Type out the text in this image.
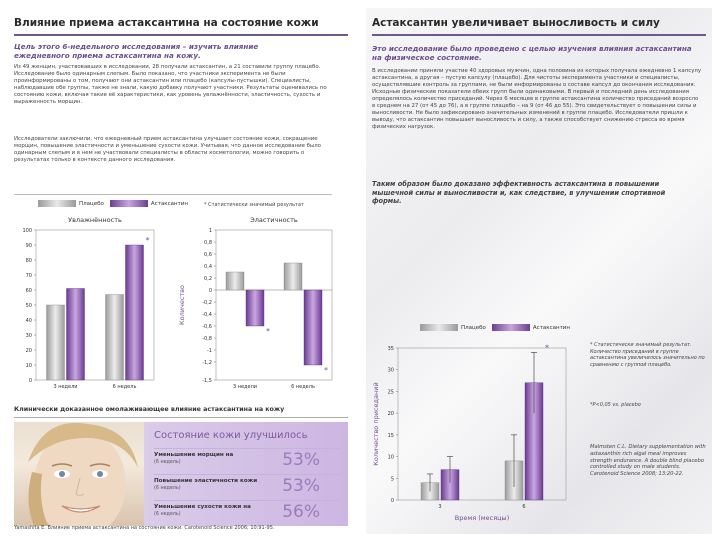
Влияние приема астаксантина на состояние кожи
Цель этого 6-недельного исследования – изучить влияние ежедневного приема астаксантина на кожу.
Из 49 женщин, участвовавших в исследовании, 28 получали астаксантин, а 21 составили группу плацебо. Исследование было одинарным слепым. Было показано, что участники эксперимента не были проинформированы о том, получают они астаксантин или плацебо (капсулы-пустышки). Специалисты, наблюдавшие обе группы, также не знали, какую добавку получают участники. Результаты оценивались по состоянию кожи, включая такие её характеристики, как уровень увлажнённости, эластичность, сухость и выраженность морщин.
Исследователи заключили, что ежедневный прием астаксантина улучшает состояние кожи, сокращение морщин, повышение эластичности и уменьшение сухости кожи. Учитывая, что данное исследование было одинарным слепым и в нем не участвовали специалисты в области косметологии, можно говорить о результатах только в контексте данного исследования.
Плацебо	Астаксантин	* Статистически значимый результат
Увлажнённость
0
10
20
30
40
50
60
70
80
90
100
3 недели	6 недель
*
Эластичность
1
0,8
0,6
0,4
0,2
0
-0,2
-0,4
-0,6
-0,8
-1
-1,2
-1,5
Количество
3 недели
*
6 недель
*
Клинически доказанное омолаживающее влияние астаксантина на кожу
Состояние кожи улучшилось
Уменьшение морщин на
(6 недель)	53%
Повышение эластичности кожи
(6 недель)	53%
Уменьшение сухости кожи на
(6 недель)	56%
Yamashita E. Влияние приема астаксантина на состояние кожи. Carotenoid Science 2006; 10:91-95.
Астаксантин увеличивает выносливость и силу
Это исследование было проведено с целью изучения влияния астаксантина на физическое состояние.
В исследовании приняли участие 40 здоровых мужчин, одна половина из которых получала ежедневно 1 капсулу астаксантина, а другая – пустую капсулу (плацебо). Для чистоты эксперимента участники и специалисты, осуществлявшие контроль за группами, не были информированы о составе капсул до окончания исследования. Исходные физические показатели обеих групп были одинаковыми. В первый и последний день исследования определялось количество приседаний. Через 6 месяцев в группе астаксантина количество приседаний возросло в среднем на 27 (от 45 до 76), а в группе плацебо – на 9 (от 46 до 55). Это свидетельствует о повышении силы и выносливости. Не было зафиксировано значительных изменений в группе плацебо. Исследователи пришли к выводу, что астаксантин повышает выносливость и силу, а также способствует снижению стресса во время физических нагрузок.
Таким образом было доказано эффективность астаксантина в повышении мышечной силы и выносливости и, как следствие, в улучшении спортивной формы.
Плацебо	Астаксантин
0
5
10
15
20
25
30
35
Количество приседаний
Время (месяцы)
3	6
*	* Статистически значимый результат. Количество приседаний в группе астаксантина увеличилось значительно по сравнению с группой плацебо.
*P<0,05 vs. placebo
Malmsten C.L. Dietary supplementation with astaxanthin rich algal meal improves strength endurance. A double blind placebo controlled study on male students. Carotenoid Science 2008; 13:20-22.
